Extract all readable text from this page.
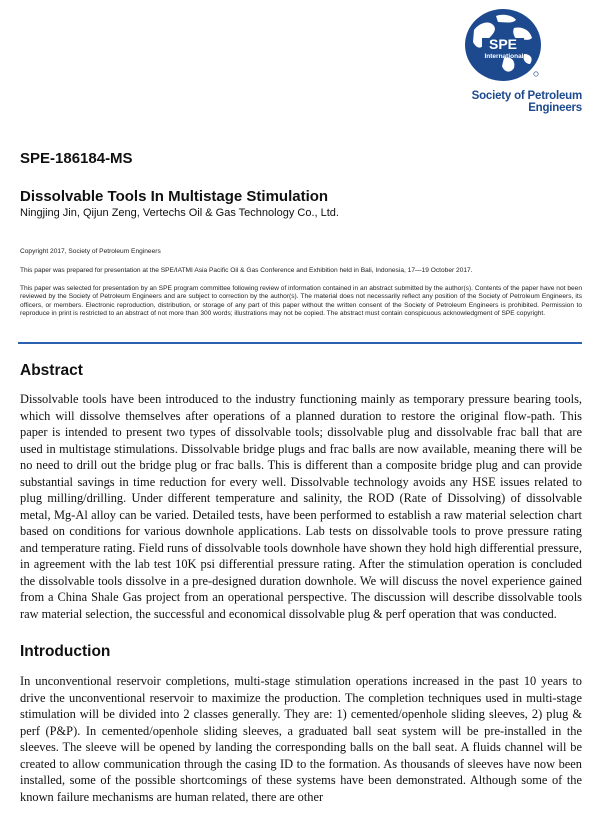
SPE
International
Society of Petroleum Engineers
SPE-186184-MS
Dissolvable Tools In Multistage Stimulation
Ningjing Jin, Qijun Zeng, Vertechs Oil & Gas Technology Co., Ltd.
Copyright 2017, Society of Petroleum Engineers
This paper was prepared for presentation at the SPE/IATMI Asia Pacific Oil & Gas Conference and Exhibition held in Bali, Indonesia, 17—19 October 2017.
This paper was selected for presentation by an SPE program committee following review of information contained in an abstract submitted by the author(s). Contents of the paper have not been reviewed by the Society of Petroleum Engineers and are subject to correction by the author(s). The material does not necessarily reflect any position of the Society of Petroleum Engineers, its officers, or members. Electronic reproduction, distribution, or storage of any part of this paper without the written consent of the Society of Petroleum Engineers is prohibited. Permission to reproduce in print is restricted to an abstract of not more than 300 words; illustrations may not be copied. The abstract must contain conspicuous acknowledgment of SPE copyright.
Abstract
Dissolvable tools have been introduced to the industry functioning mainly as temporary pressure bearing tools, which will dissolve themselves after operations of a planned duration to restore the original flow-path. This paper is intended to present two types of dissolvable tools; dissolvable plug and dissolvable frac ball that are used in multistage stimulations. Dissolvable bridge plugs and frac balls are now available, meaning there will be no need to drill out the bridge plug or frac balls. This is different than a composite bridge plug and can provide substantial savings in time reduction for every well. Dissolvable technology avoids any HSE issues related to plug milling/drilling. Under different temperature and salinity, the ROD (Rate of Dissolving) of dissolvable metal, Mg-Al alloy can be varied. Detailed tests, have been performed to establish a raw material selection chart based on conditions for various downhole applications. Lab tests on dissolvable tools to prove pressure rating and temperature rating. Field runs of dissolvable tools downhole have shown they hold high differential pressure, in agreement with the lab test 10K psi differential pressure rating. After the stimulation operation is concluded the dissolvable tools dissolve in a pre-designed duration downhole. We will discuss the novel experience gained from a China Shale Gas project from an operational perspective. The discussion will describe dissolvable tools raw material selection, the successful and economical dissolvable plug & perf operation that was conducted.
Introduction
In unconventional reservoir completions, multi-stage stimulation operations increased in the past 10 years to drive the unconventional reservoir to maximize the production. The completion techniques used in multi-stage stimulation will be divided into 2 classes generally. They are: 1) cemented/openhole sliding sleeves, 2) plug & perf (P&P). In cemented/openhole sliding sleeves, a graduated ball seat system will be pre-installed in the sleeves. The sleeve will be opened by landing the corresponding balls on the ball seat. A fluids channel will be created to allow communication through the casing ID to the formation. As thousands of sleeves have now been installed, some of the possible shortcomings of these systems have been demonstrated. Although some of the known failure mechanisms are human related, there are other
